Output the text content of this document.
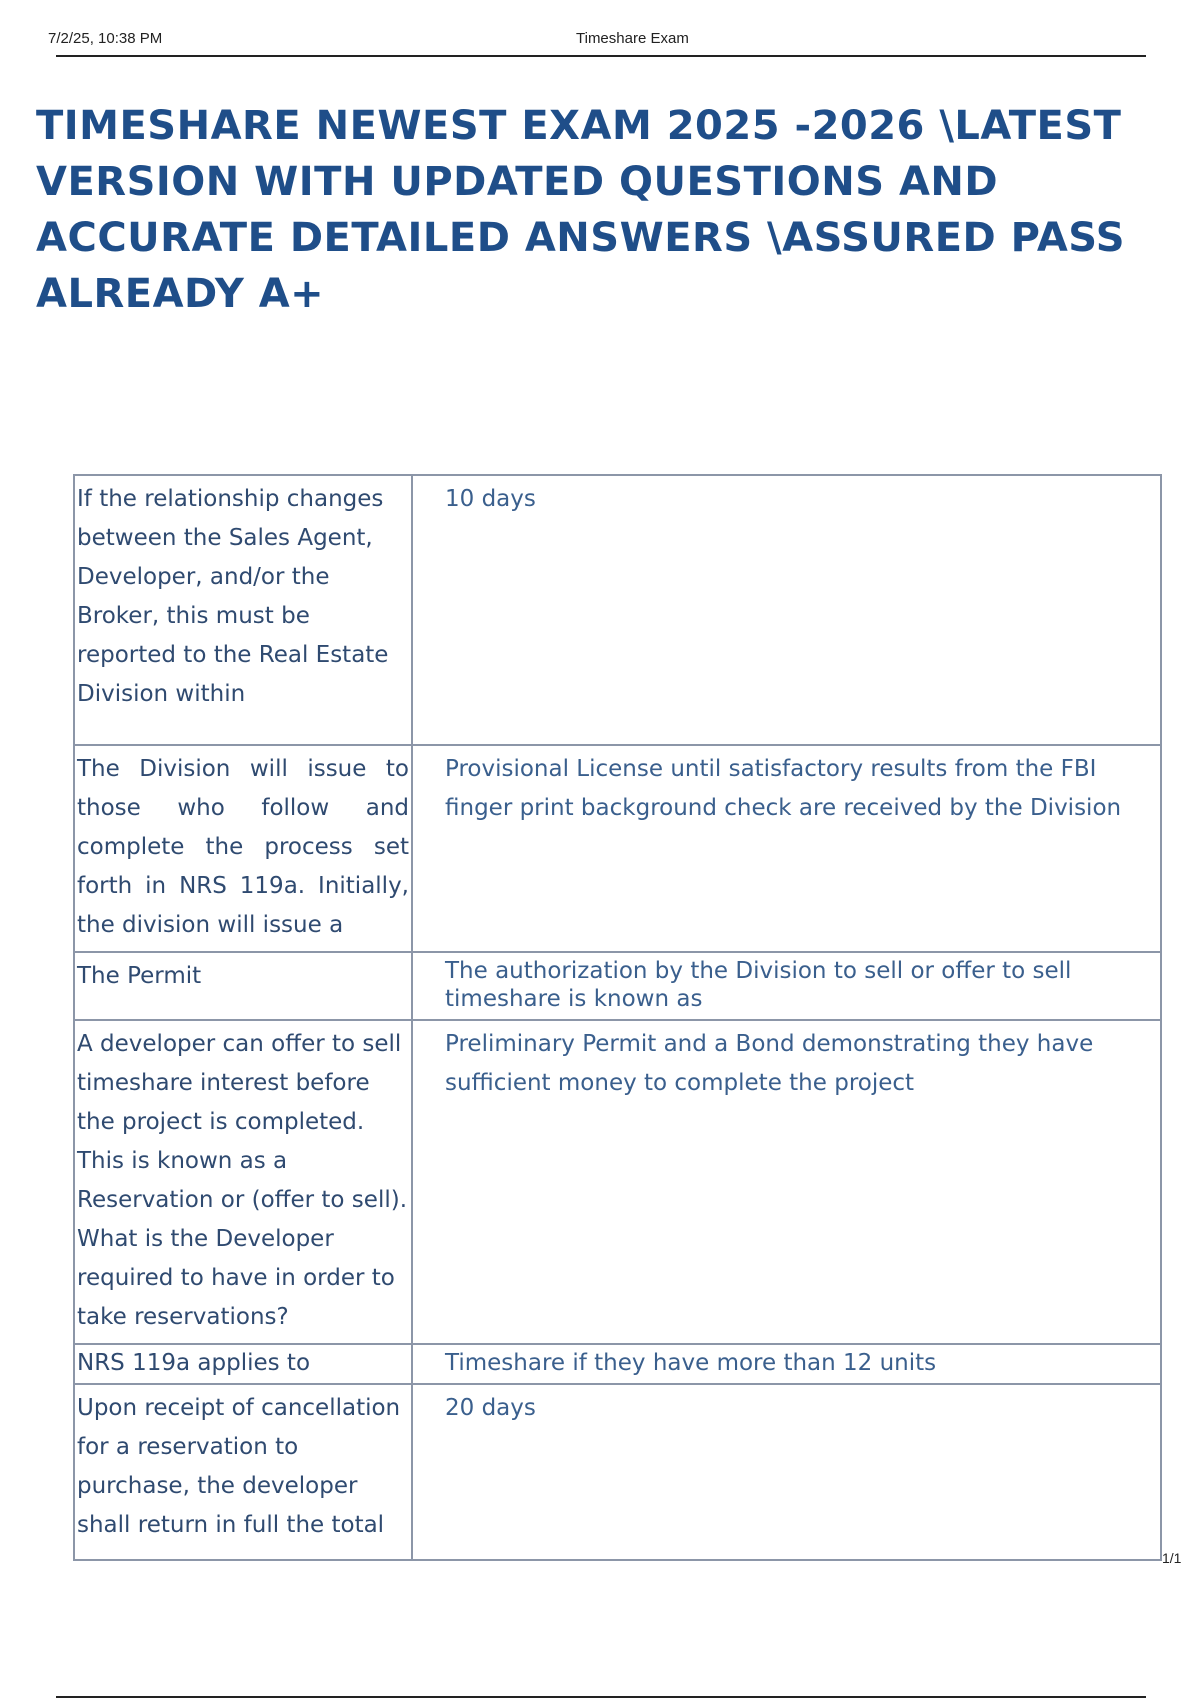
7/2/25, 10:38 PM	Timeshare Exam
TIMESHARE NEWEST EXAM 2025 -2026 \LATEST VERSION WITH UPDATED QUESTIONS AND ACCURATE DETAILED ANSWERS \ASSURED PASS ALREADY A+
If the relationship changes between the Sales Agent, Developer, and/or the Broker, this must be reported to the Real Estate Division within	10 days
The Division will issue to those who follow and complete the process set forth in NRS 119a. Initially, the division will issue a	Provisional License until satisfactory results from the FBI finger print background check are received by the Division
The Permit	The authorization by the Division to sell or offer to sell timeshare is known as
A developer can offer to sell timeshare interest before the project is completed. This is known as a Reservation or (offer to sell). What is the Developer required to have in order to take reservations?	Preliminary Permit and a Bond demonstrating they have sufficient money to complete the project
NRS 119a applies to	Timeshare if they have more than 12 units
Upon receipt of cancellation for a reservation to purchase, the developer shall return in full the total	20 days
1/1
